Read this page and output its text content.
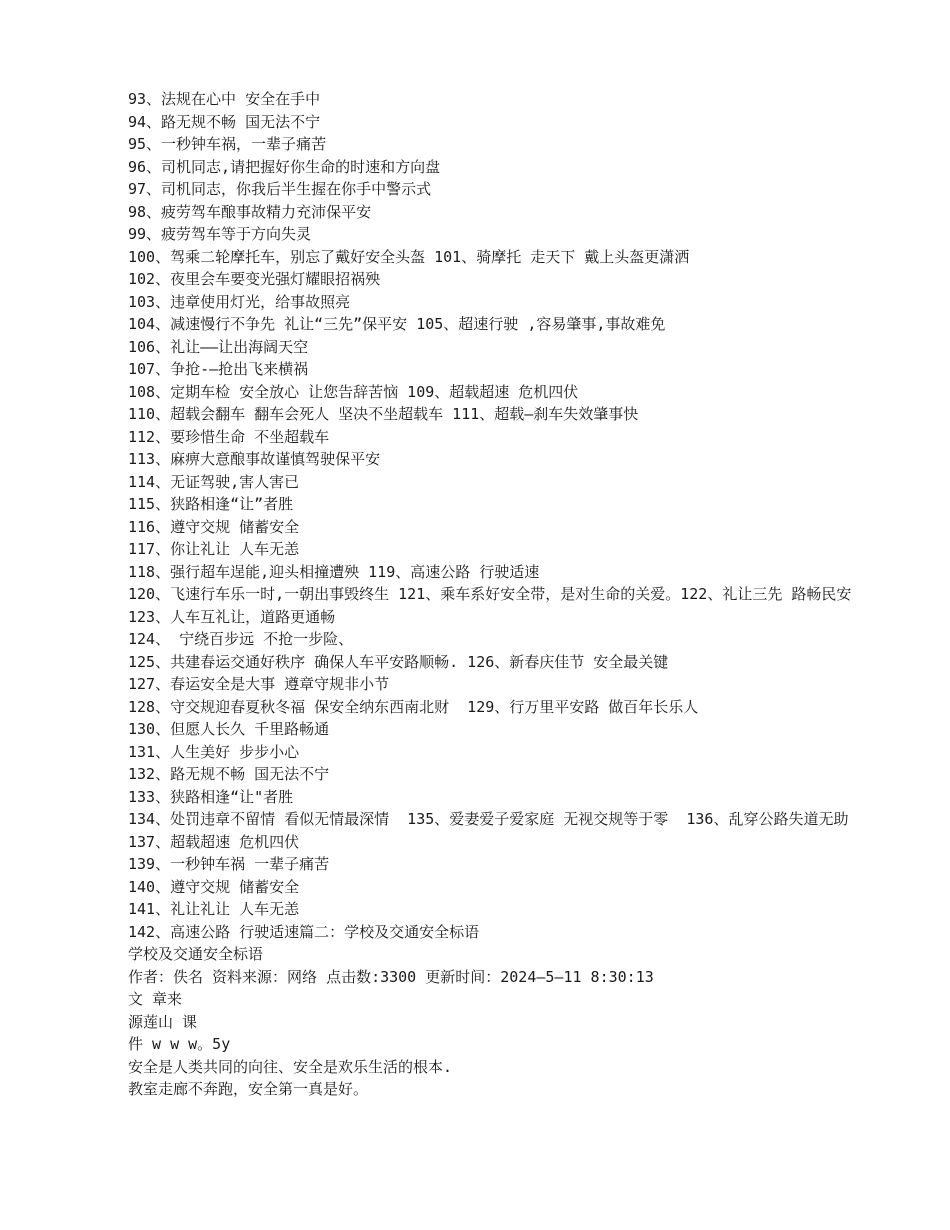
93、法规在心中 安全在手中

94、路无规不畅 国无法不宁

95、一秒钟车祸，一辈子痛苦

96、司机同志,请把握好你生命的时速和方向盘

97、司机同志，你我后半生握在你手中警示式

98、疲劳驾车酿事故精力充沛保平安

99、疲劳驾车等于方向失灵

100、驾乘二轮摩托车，别忘了戴好安全头盔 101、骑摩托 走天下 戴上头盔更潇洒

102、夜里会车要变光强灯耀眼招祸殃

103、违章使用灯光，给事故照亮

104、减速慢行不争先 礼让“三先”保平安 105、超速行驶 ,容易肇事,事故难免

106、礼让——让出海阔天空

107、争抢-—抢出飞来横祸

108、定期车检 安全放心 让您告辞苦恼 109、超载超速 危机四伏

110、超载会翻车 翻车会死人 坚决不坐超载车 111、超载—刹车失效肇事快

112、要珍惜生命 不坐超载车

113、麻痹大意酿事故谨慎驾驶保平安

114、无证驾驶,害人害已

115、狭路相逢“让”者胜

116、遵守交规 储蓄安全

117、你让礼让 人车无恙

118、强行超车逞能,迎头相撞遭殃 119、高速公路 行驶适速

120、飞速行车乐一时,一朝出事毁终生 121、乘车系好安全带，是对生命的关爱。122、礼让三先 路畅民安

123、人车互礼让，道路更通畅

124、 宁绕百步远 不抢一步险、

125、共建春运交通好秩序 确保人车平安路顺畅. 126、新春庆佳节 安全最关键

127、春运安全是大事 遵章守规非小节

128、守交规迎春夏秋冬福 保安全纳东西南北财  129、行万里平安路 做百年长乐人

130、但愿人长久 千里路畅通

131、人生美好 步步小心

132、路无规不畅 国无法不宁

133、狭路相逢“让"者胜

134、处罚违章不留情 看似无情最深情  135、爱妻爱子爱家庭 无视交规等于零  136、乱穿公路失道无助

137、超载超速 危机四伏

139、一秒钟车祸 一辈子痛苦

140、遵守交规 储蓄安全

141、礼让礼让 人车无恙

142、高速公路 行驶适速篇二：学校及交通安全标语

学校及交通安全标语

作者：佚名 资料来源：网络 点击数:3300 更新时间：2024—5—11 8:30:13

文 章来

源莲山 课

件 w w w。5y

安全是人类共同的向往、安全是欢乐生活的根本.

教室走廊不奔跑，安全第一真是好。
